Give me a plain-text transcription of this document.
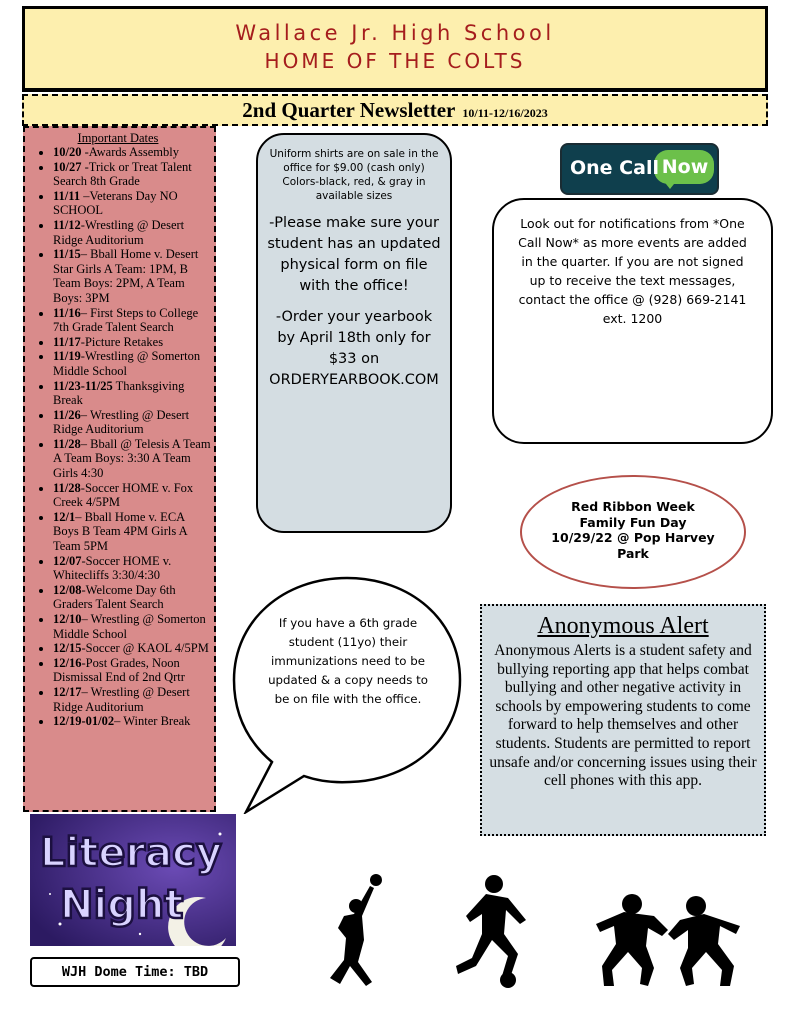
Wallace Jr. High School
HOME OF THE COLTS
2nd Quarter Newsletter 10/11-12/16/2023
Important Dates
• 10/20 -Awards Assembly
• 10/27 -Trick or Treat Talent Search 8th Grade
• 11/11 –Veterans Day NO SCHOOL
• 11/12-Wrestling @ Desert Ridge Auditorium
• 11/15– Bball Home v. Desert Star Girls A Team: 1PM, B Team Boys: 2PM, A Team Boys: 3PM
• 11/16– First Steps to College 7th Grade Talent Search
• 11/17-Picture Retakes
• 11/19-Wrestling @ Somerton Middle School
• 11/23-11/25 Thanksgiving Break
• 11/26– Wrestling @ Desert Ridge Auditorium
• 11/28– Bball @ Telesis A Team A Team Boys: 3:30 A Team Girls 4:30
• 11/28-Soccer HOME v. Fox Creek 4/5PM
• 12/1– Bball Home v. ECA Boys B Team 4PM Girls A Team 5PM
• 12/07-Soccer HOME v. Whitecliffs 3:30/4:30
• 12/08-Welcome Day 6th Graders Talent Search
• 12/10– Wrestling @ Somerton Middle School
• 12/15-Soccer @ KAOL 4/5PM
• 12/16-Post Grades, Noon Dismissal End of 2nd Qrtr
• 12/17– Wrestling @ Desert Ridge Auditorium
• 12/19-01/02– Winter Break
Uniform shirts are on sale in the office for $9.00 (cash only) Colors-black, red, & gray in available sizes
-Please make sure your student has an updated physical form on file with the office!
-Order your yearbook by April 18th only for $33 on
ORDERYEARBOOK.COM
One Call Now
Look out for notifications from *One Call Now* as more events are added in the quarter. If you are not signed up to receive the text messages, contact the office @ (928) 669-2141 ext. 1200
Red Ribbon Week
Family Fun Day
10/29/22 @ Pop Harvey
Park
If you have a 6th grade student (11yo) their immunizations need to be updated & a copy needs to be on file with the office.
Anonymous Alert
Anonymous Alerts is a student safety and bullying reporting app that helps combat bullying and other negative activity in schools by empowering students to come forward to help themselves and other students. Students are permitted to report unsafe and/or concerning issues using their cell phones with this app.
Literacy
Night
WJH Dome Time: TBD
